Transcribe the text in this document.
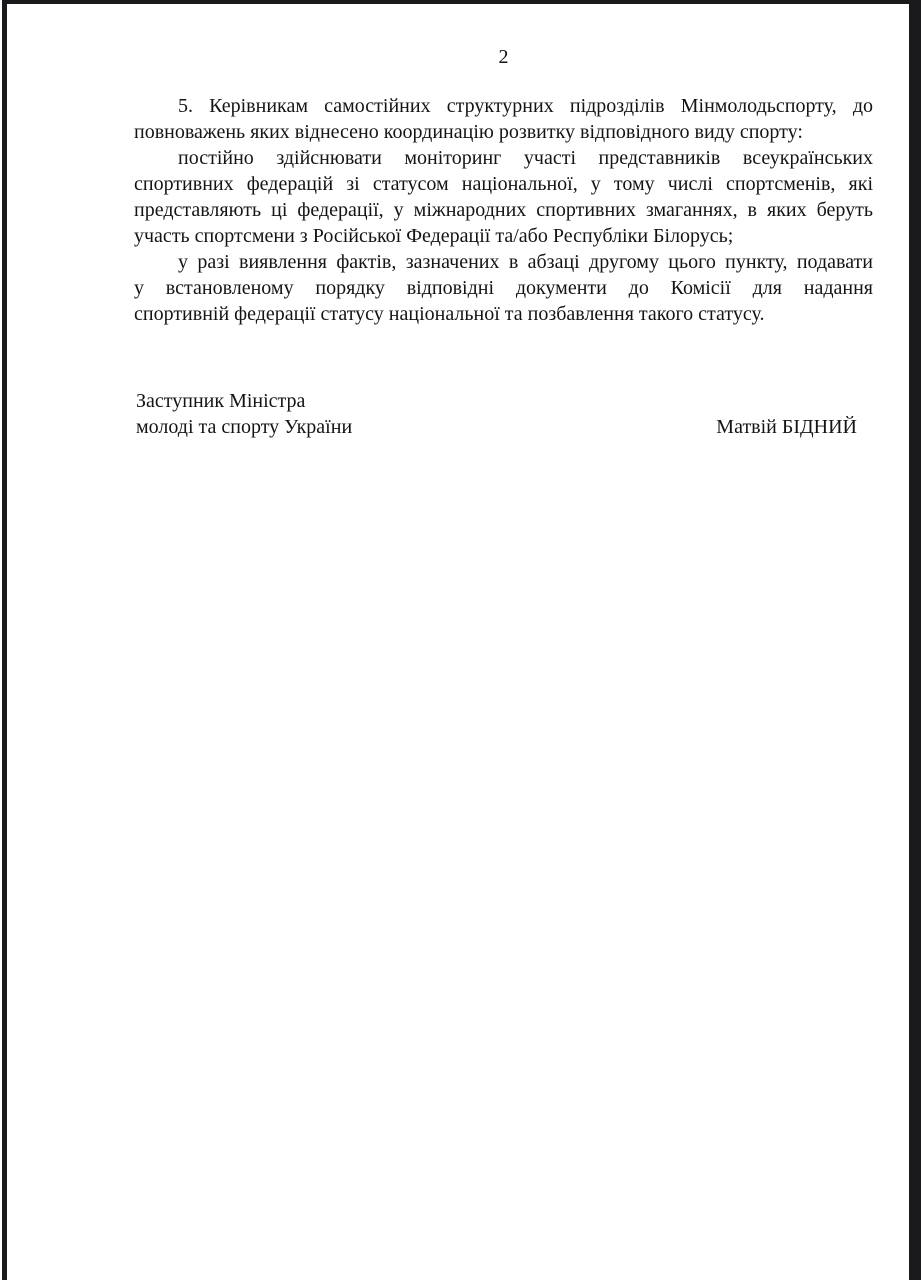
2
5. Керівникам самостійних структурних підрозділів Мінмолодьспорту, до
повноважень яких віднесено координацію розвитку відповідного виду спорту:
постійно здійснювати моніторинг участі представників всеукраїнських
спортивних федерацій зі статусом національної, у тому числі спортсменів, які
представляють ці федерації, у міжнародних спортивних змаганнях, в яких беруть
участь спортсмени з Російської Федерації та/або Республіки Білорусь;
у разі виявлення фактів, зазначених в абзаці другому цього пункту, подавати
у встановленому порядку відповідні документи до Комісії для надання
спортивній федерації статусу національної та позбавлення такого статусу.
Заступник Міністра
молоді та спорту України	Матвій БІДНИЙ
